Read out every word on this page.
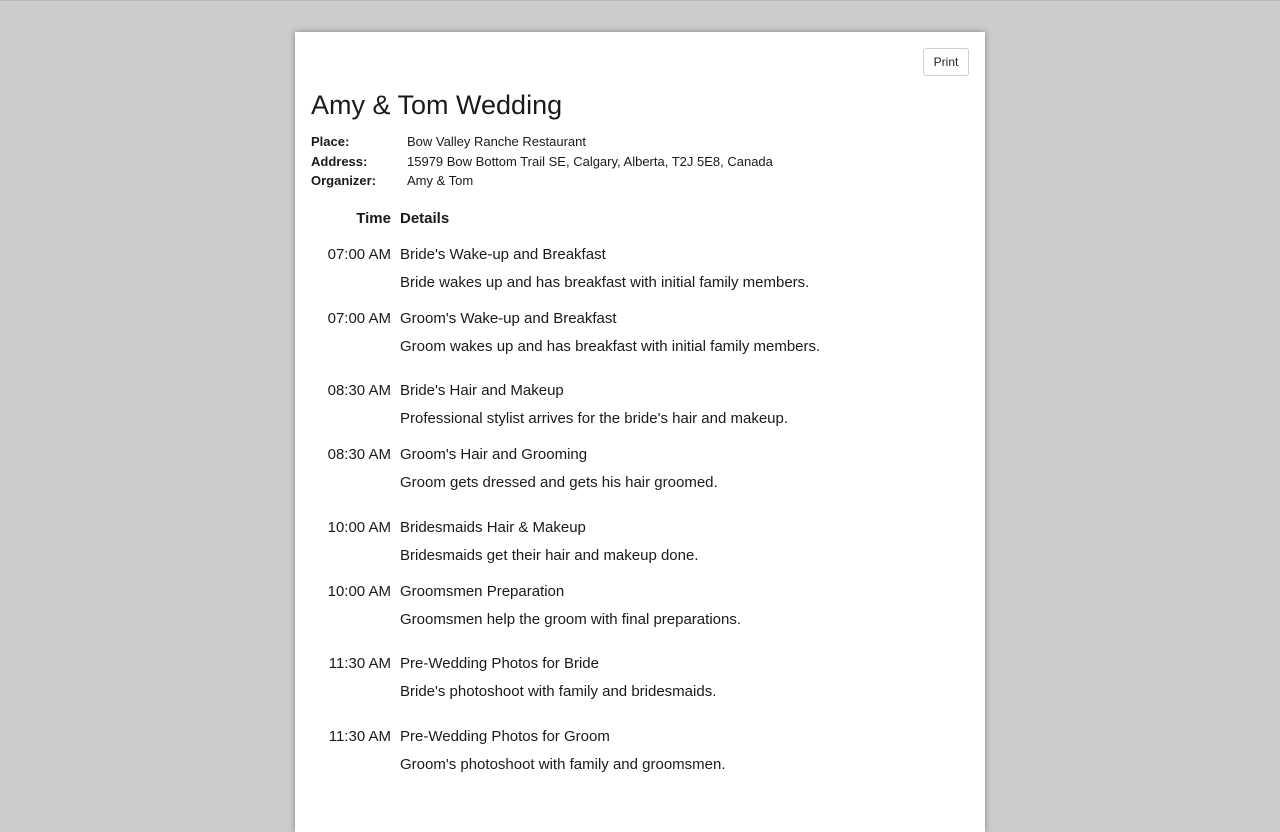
Print
Amy & Tom Wedding
Place:	Bow Valley Ranche Restaurant
Address:	15979 Bow Bottom Trail SE, Calgary, Alberta, T2J 5E8, Canada
Organizer:	Amy & Tom
Time Details
07:00 AM Bride's Wake-up and Breakfast
Bride wakes up and has breakfast with initial family members.
07:00 AM Groom's Wake-up and Breakfast
Groom wakes up and has breakfast with initial family members.
08:30 AM Bride's Hair and Makeup
Professional stylist arrives for the bride's hair and makeup.
08:30 AM Groom's Hair and Grooming
Groom gets dressed and gets his hair groomed.
10:00 AM Bridesmaids Hair & Makeup
Bridesmaids get their hair and makeup done.
10:00 AM Groomsmen Preparation
Groomsmen help the groom with final preparations.
11:30 AM Pre-Wedding Photos for Bride
Bride's photoshoot with family and bridesmaids.
11:30 AM Pre-Wedding Photos for Groom
Groom's photoshoot with family and groomsmen.
